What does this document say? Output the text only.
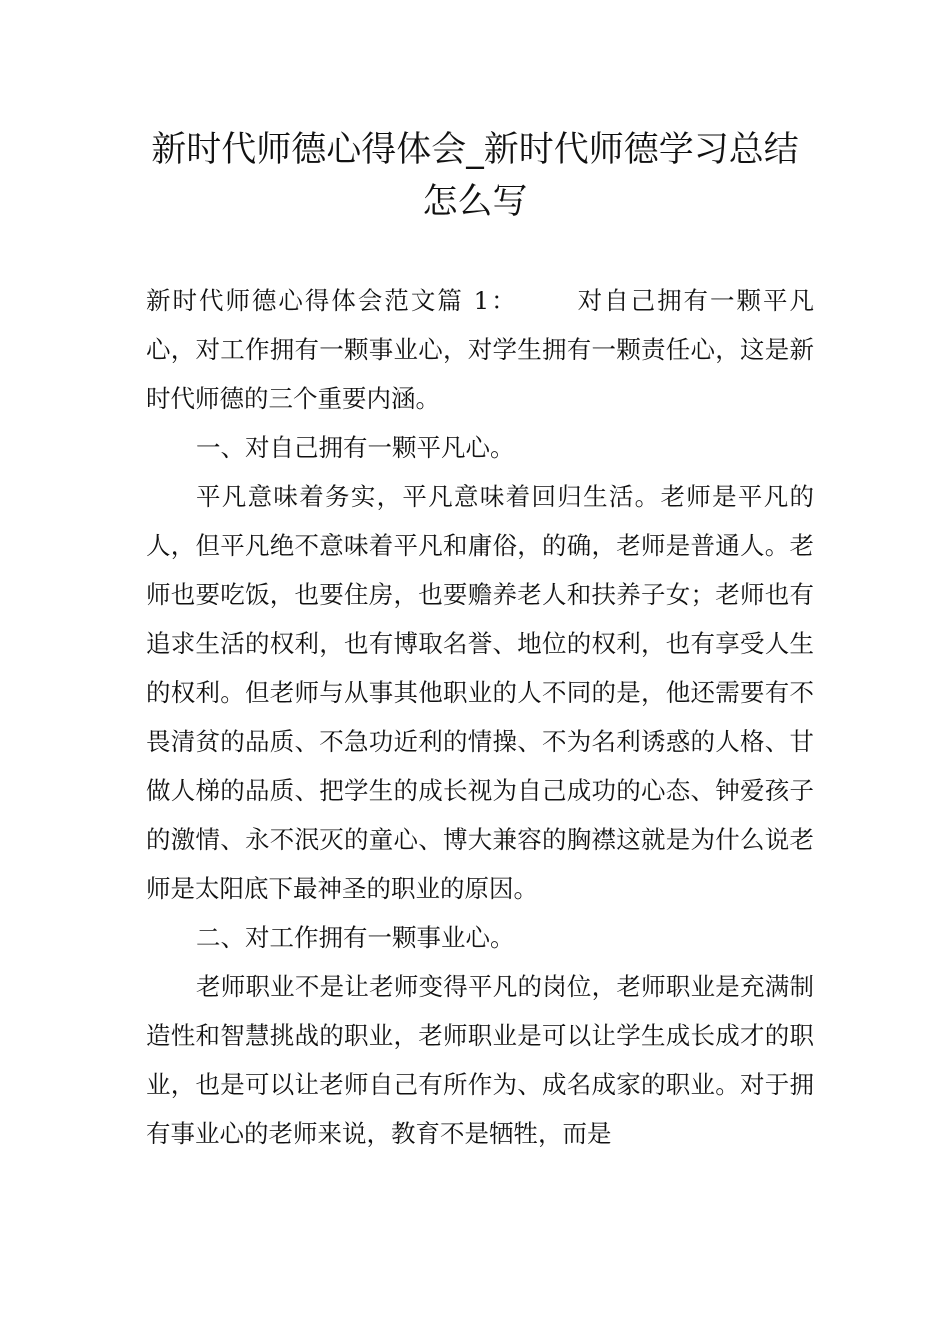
新时代师德心得体会_新时代师德学习总结
怎么写

新时代师德心得体会范文篇 1： 对自己拥有一颗平凡心，对工作拥有一颗事业心，对学生拥有一颗责任心，这是新时代师德的三个重要内涵。

一、对自己拥有一颗平凡心。

平凡意味着务实，平凡意味着回归生活。老师是平凡的人，但平凡绝不意味着平凡和庸俗，的确，老师是普通人。老师也要吃饭，也要住房，也要赡养老人和扶养子女；老师也有追求生活的权利，也有博取名誉、地位的权利，也有享受人生的权利。但老师与从事其他职业的人不同的是，他还需要有不畏清贫的品质、不急功近利的情操、不为名利诱惑的人格、甘做人梯的品质、把学生的成长视为自己成功的心态、钟爱孩子的激情、永不泯灭的童心、博大兼容的胸襟这就是为什么说老师是太阳底下最神圣的职业的原因。

二、对工作拥有一颗事业心。

老师职业不是让老师变得平凡的岗位，老师职业是充满制造性和智慧挑战的职业，老师职业是可以让学生成长成才的职业，也是可以让老师自己有所作为、成名成家的职业。对于拥有事业心的老师来说，教育不是牺牲，而是
